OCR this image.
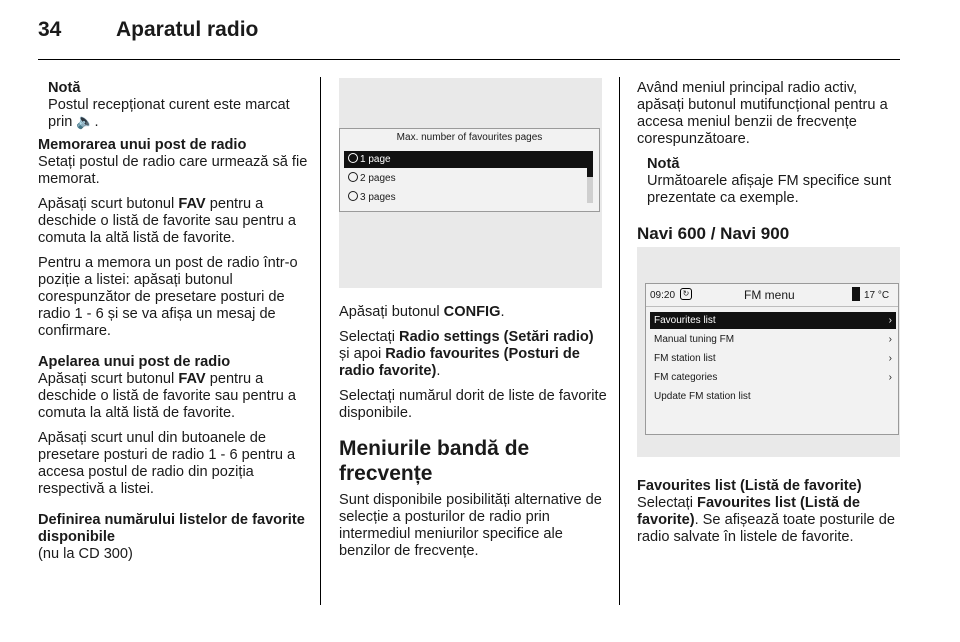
34	Aparatul radio
Notă
Postul recepționat curent este marcat prin 🔈.
Memorarea unui post de radio

Setați postul de radio care urmează să fie memorat.

Apăsați scurt butonul FAV pentru a deschide o listă de favorite sau pentru a comuta la altă listă de favorite.

Pentru a memora un post de radio într-o poziție a listei: apăsați butonul corespunzător de presetare posturi de radio 1 - 6 și se va afișa un mesaj de confirmare.

Apelarea unui post de radio

Apăsați scurt butonul FAV pentru a deschide o listă de favorite sau pentru a comuta la altă listă de favorite.

Apăsați scurt unul din butoanele de presetare posturi de radio 1 - 6 pentru a accesa postul de radio din poziția respectivă a listei.

Definirea numărului listelor de favorite disponibile
(nu la CD 300)
Max. number of favourites pages
1 page
2 pages
3 pages

Apăsați butonul CONFIG.

Selectați Radio settings (Setări radio) și apoi Radio favourites (Posturi de radio favorite).

Selectați numărul dorit de liste de favorite disponibile.

Meniurile bandă de frecvențe

Sunt disponibile posibilități alternative de selecție a posturilor de radio prin intermediul meniurilor specifice ale benzilor de frecvențe.

Având meniul principal radio activ, apăsați butonul mutifuncțional pentru a accesa meniul benzii de frecvențe corespunzătoare.

Notă
Următoarele afișaje FM specifice sunt prezentate ca exemple.
Navi 600 / Navi 900
09:20 ↻	FM menu	17 °C
Favourites list	›
Manual tuning FM	›
FM station list	›
FM categories	›
Update FM station list
Favourites list (Listă de favorite)

Selectați Favourites list (Listă de favorite). Se afișează toate posturile de radio salvate în listele de favorite.
